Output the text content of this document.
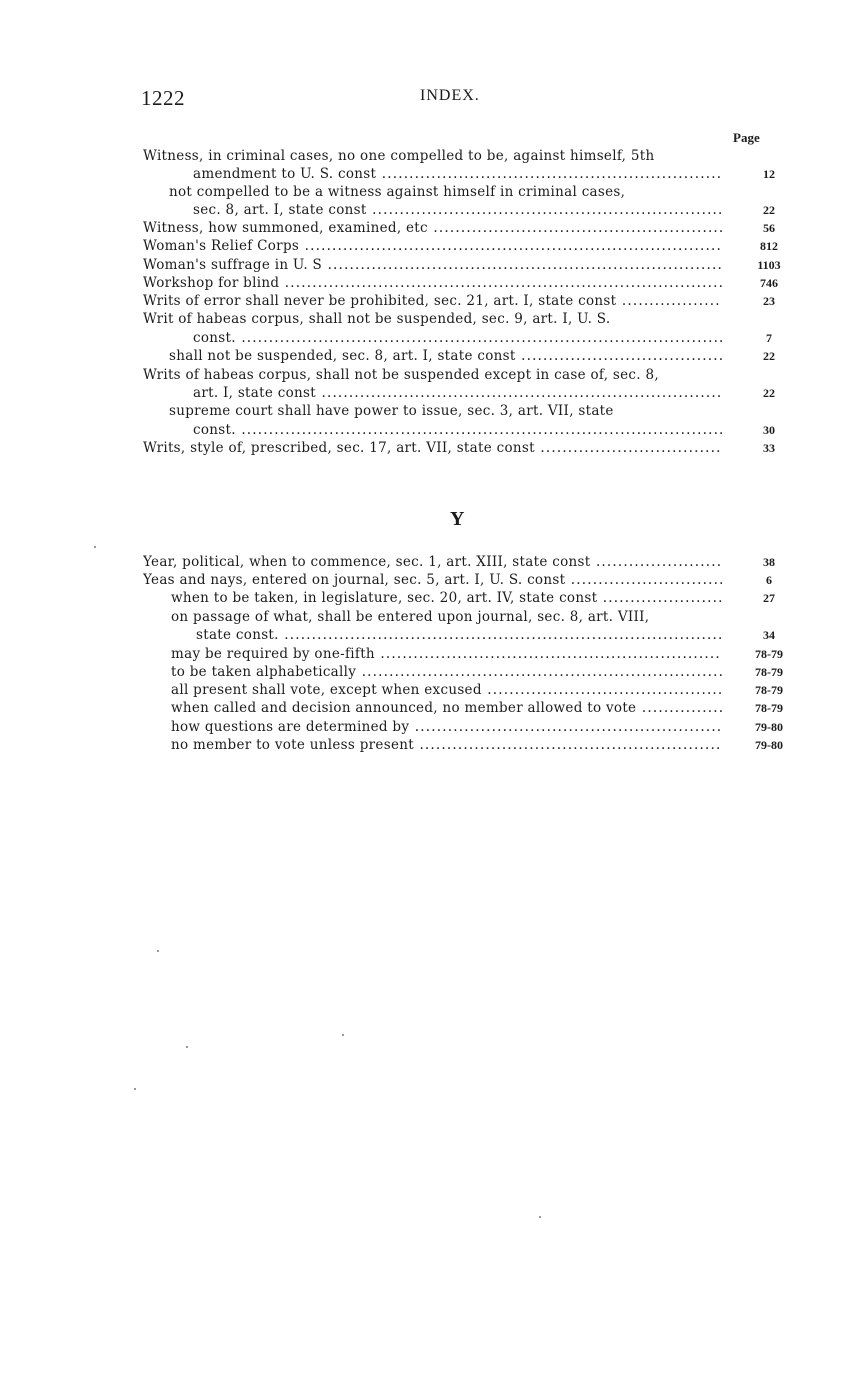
1222	INDEX.
Page
Witness, in criminal cases, no one compelled to be, against himself, 5th
amendment to U. S. const .....	12
not compelled to be a witness against himself in criminal cases,
sec. 8, art. I, state const .....	22
Witness, how summoned, examined, etc .....	56
Woman's Relief Corps .....	812
Woman's suffrage in U. S .....	1103
Workshop for blind .....	746
Writs of error shall never be prohibited, sec. 21, art. I, state const .....	23
Writ of habeas corpus, shall not be suspended, sec. 9, art. I, U. S.
const. .....	7
shall not be suspended, sec. 8, art. I, state const .....	22
Writs of habeas corpus, shall not be suspended except in case of, sec. 8,
art. I, state const .....	22
supreme court shall have power to issue, sec. 3, art. VII, state
const. .....	30
Writs, style of, prescribed, sec. 17, art. VII, state const .....	33
Y
Year, political, when to commence, sec. 1, art. XIII, state const .....	38
Yeas and nays, entered on journal, sec. 5, art. I, U. S. const .....	6
when to be taken, in legislature, sec. 20, art. IV, state const .....	27
on passage of what, shall be entered upon journal, sec. 8, art. VIII,
state const. .....	34
may be required by one-fifth .....	78-79
to be taken alphabetically .....	78-79
all present shall vote, except when excused .....	78-79
when called and decision announced, no member allowed to vote .....	78-79
how questions are determined by .....	79-80
no member to vote unless present .....	79-80
